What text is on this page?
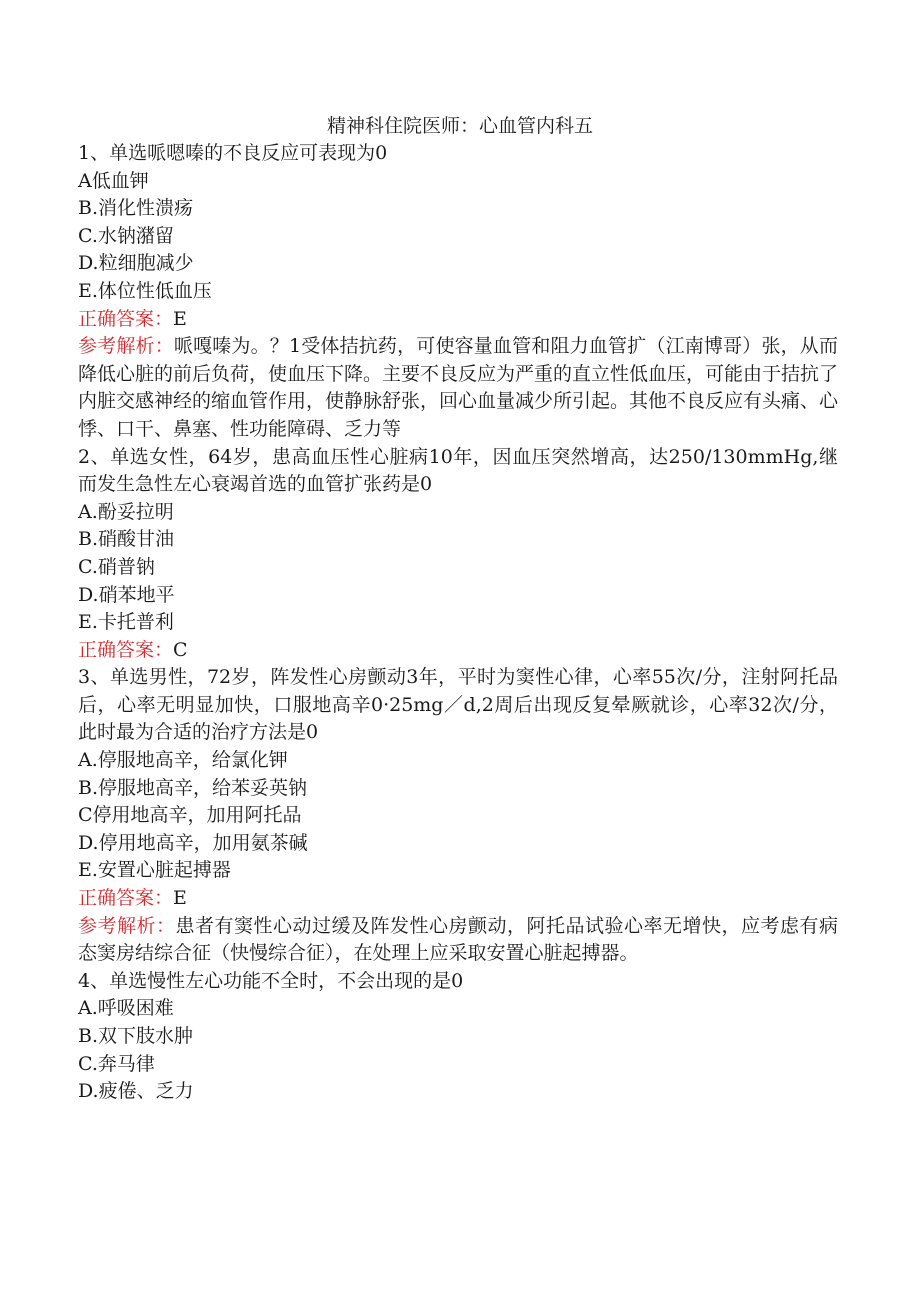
精神科住院医师：心血管内科五

1、单选哌嗯嗪的不良反应可表现为0

A低血钾

B.消化性溃疡

C.水钠潴留

D.粒细胞减少

E.体位性低血压

正确答案：E

参考解析：哌嘎嗪为。？1受体拮抗药，可使容量血管和阻力血管扩（江南博哥）张，从而降低心脏的前后负荷，使血压下降。主要不良反应为严重的直立性低血压，可能由于拮抗了内脏交感神经的缩血管作用，使静脉舒张，回心血量减少所引起。其他不良反应有头痛、心悸、口干、鼻塞、性功能障碍、乏力等

2、单选女性，64岁，患高血压性心脏病10年，因血压突然增高，达250/130mmHg,继而发生急性左心衰竭首选的血管扩张药是0

A.酚妥拉明

B.硝酸甘油

C.硝普钠

D.硝苯地平

E.卡托普利

正确答案：C

3、单选男性，72岁，阵发性心房颤动3年，平时为窦性心律，心率55次/分，注射阿托品后，心率无明显加快，口服地高辛0·25mg／d,2周后出现反复晕厥就诊，心率32次/分，此时最为合适的治疗方法是0

A.停服地高辛，给氯化钾

B.停服地高辛，给苯妥英钠

C停用地高辛，加用阿托品

D.停用地高辛，加用氨茶碱

E.安置心脏起搏器

正确答案：E

参考解析：患者有窦性心动过缓及阵发性心房颤动，阿托品试验心率无增快，应考虑有病态窦房结综合征（快慢综合征），在处理上应采取安置心脏起搏器。

4、单选慢性左心功能不全时，不会出现的是0

A.呼吸困难

B.双下肢水肿

C.奔马律

D.疲倦、乏力
